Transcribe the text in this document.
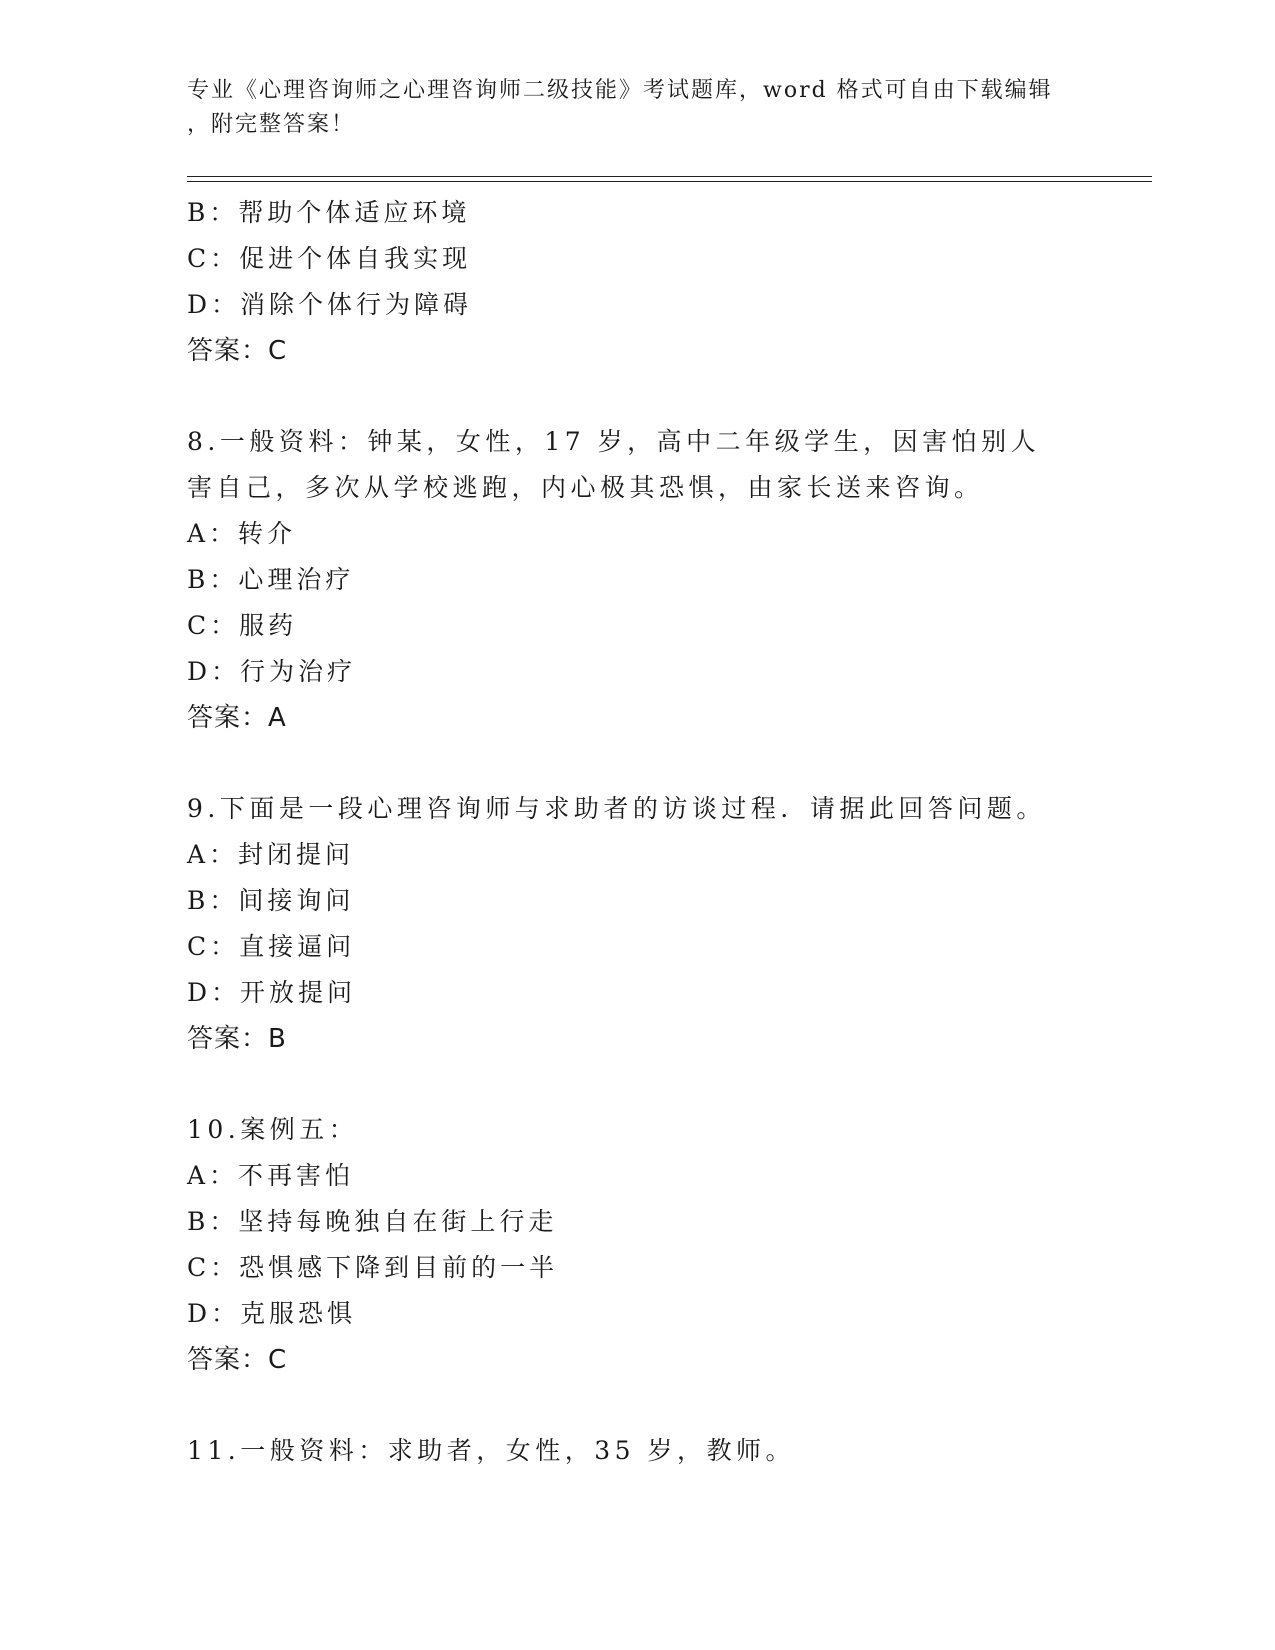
专业《心理咨询师之心理咨询师二级技能》考试题库，word 格式可自由下载编辑
，附完整答案！
B：帮助个体适应环境
C：促进个体自我实现
D：消除个体行为障碍
答案：C
8.一般资料：钟某，女性，17 岁，高中二年级学生，因害怕别人害自己，多次从学校逃跑，内心极其恐惧，由家长送来咨询。
A：转介
B：心理治疗
C：服药
D：行为治疗
答案：A
9.下面是一段心理咨询师与求助者的访谈过程．请据此回答问题。
A：封闭提问
B：间接询问
C：直接逼问
D：开放提问
答案：B
10.案例五：
A：不再害怕
B：坚持每晚独自在街上行走
C：恐惧感下降到目前的一半
D：克服恐惧
答案：C
11.一般资料：求助者，女性，35 岁，教师。
